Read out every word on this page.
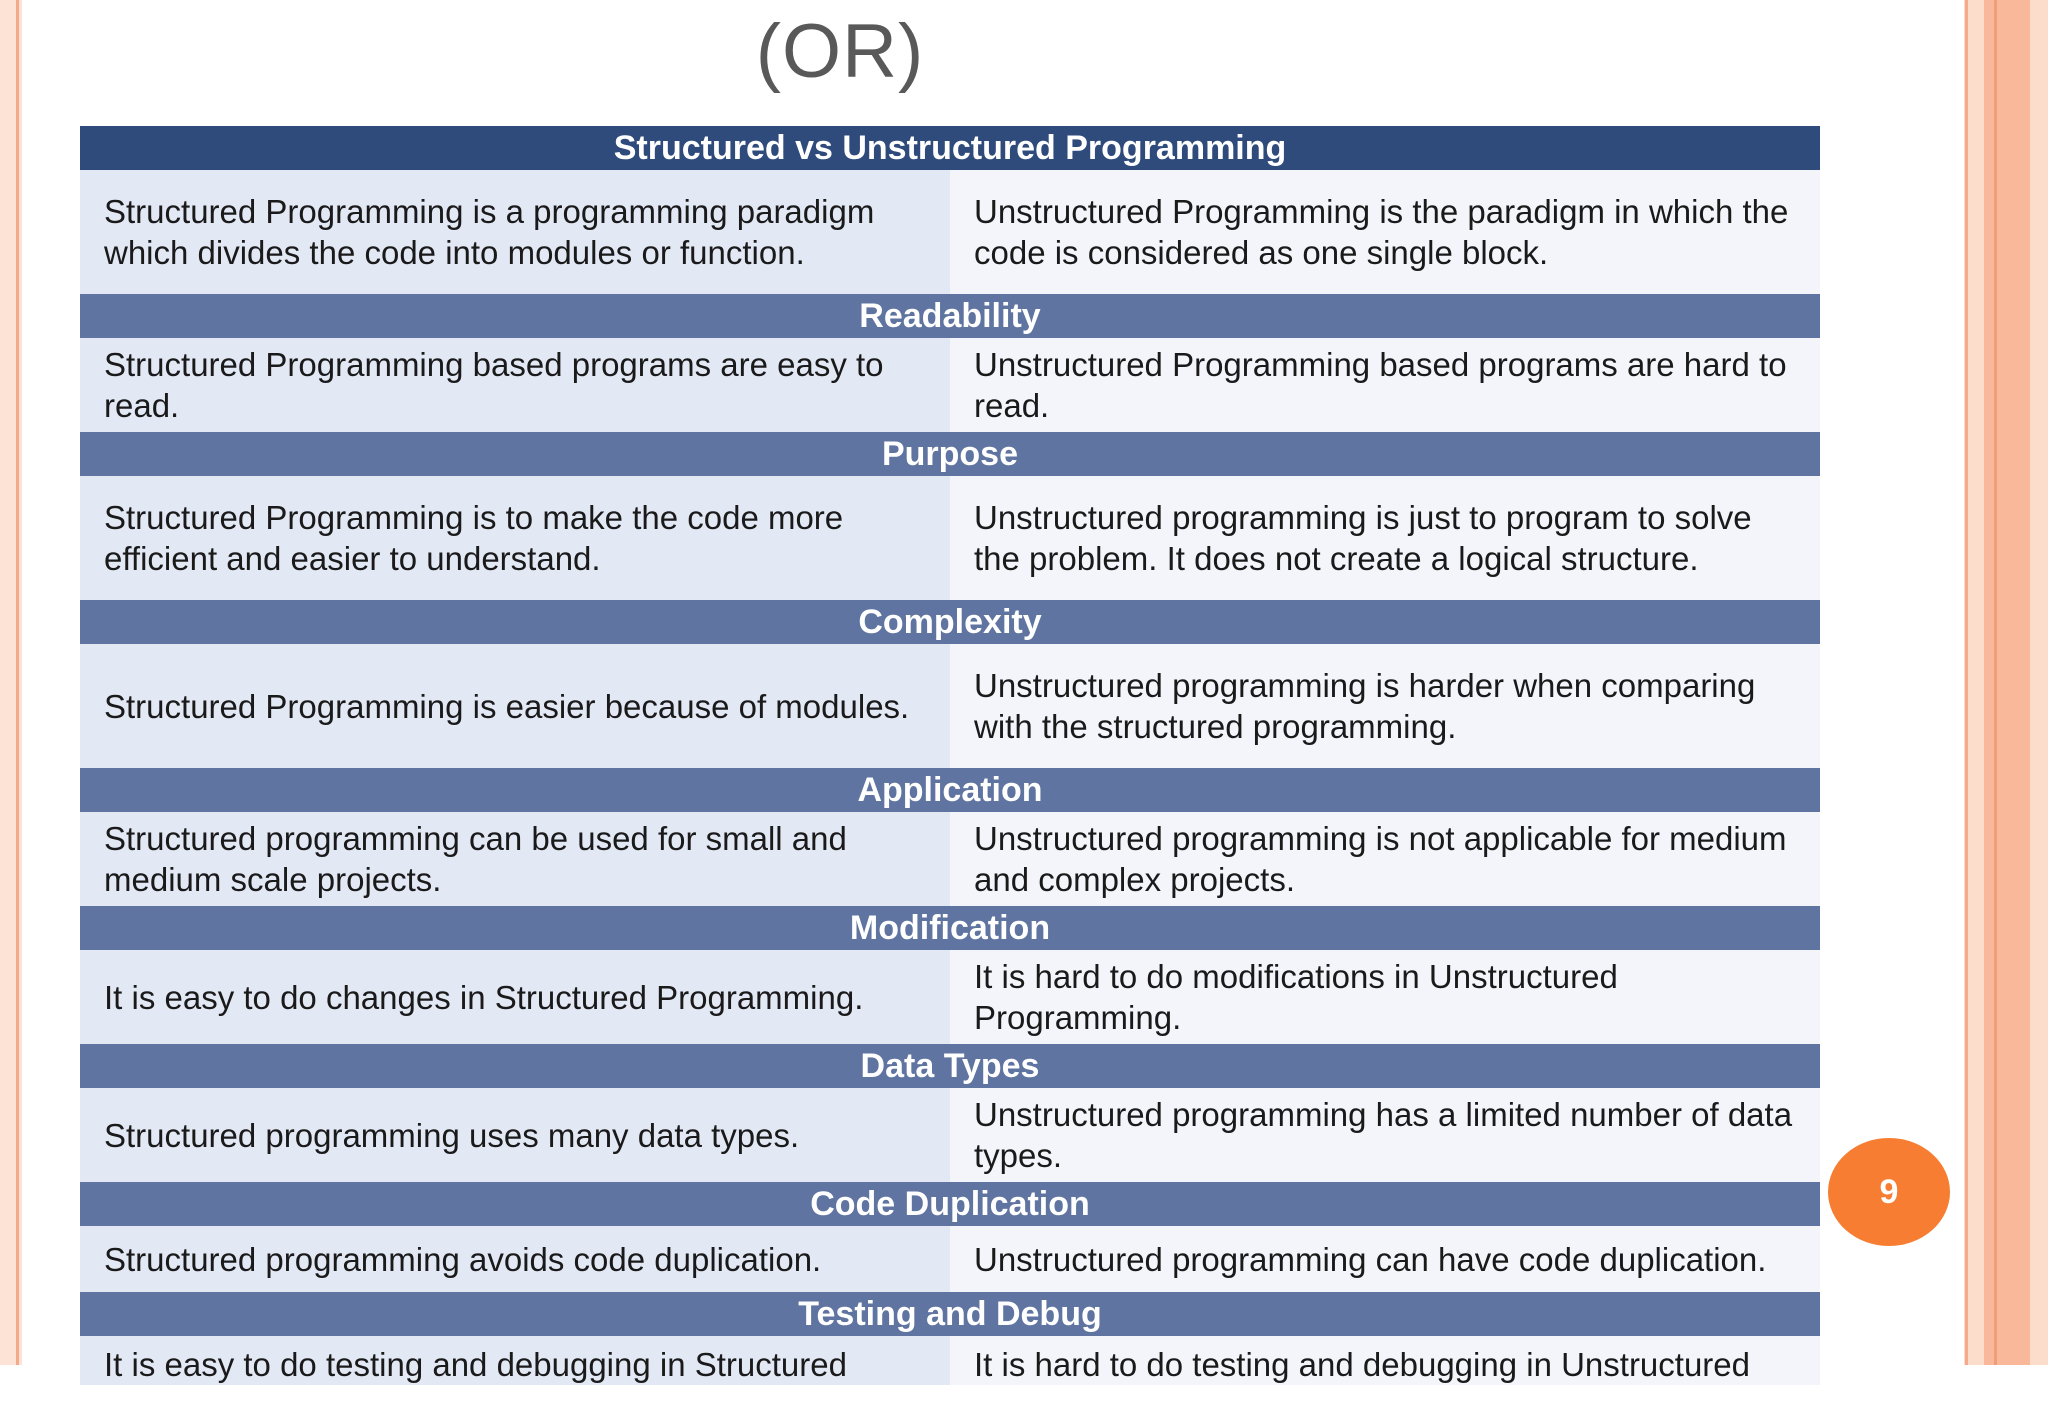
(OR)
Structured vs Unstructured Programming
Structured Programming is a programming paradigm which divides the code into modules or function.
Unstructured Programming is the paradigm in which the code is considered as one single block.
Readability
Structured Programming based programs are easy to read.
Unstructured Programming based programs are hard to read.
Purpose
Structured Programming is to make the code more efficient and easier to understand.
Unstructured programming is just to program to solve the problem. It does not create a logical structure.
Complexity
Structured Programming is easier because of modules.
Unstructured programming is harder when comparing with the structured programming.
Application
Structured programming can be used for small and medium scale projects.
Unstructured programming is not applicable for medium and complex projects.
Modification
It is easy to do changes in Structured Programming.
It is hard to do modifications in Unstructured Programming.
Data Types
Structured programming uses many data types.
Unstructured programming has a limited number of data types.
Code Duplication
Structured programming avoids code duplication.	Unstructured programming can have code duplication.
Testing and Debug
It is easy to do testing and debugging in Structured	It is hard to do testing and debugging in Unstructured
9
